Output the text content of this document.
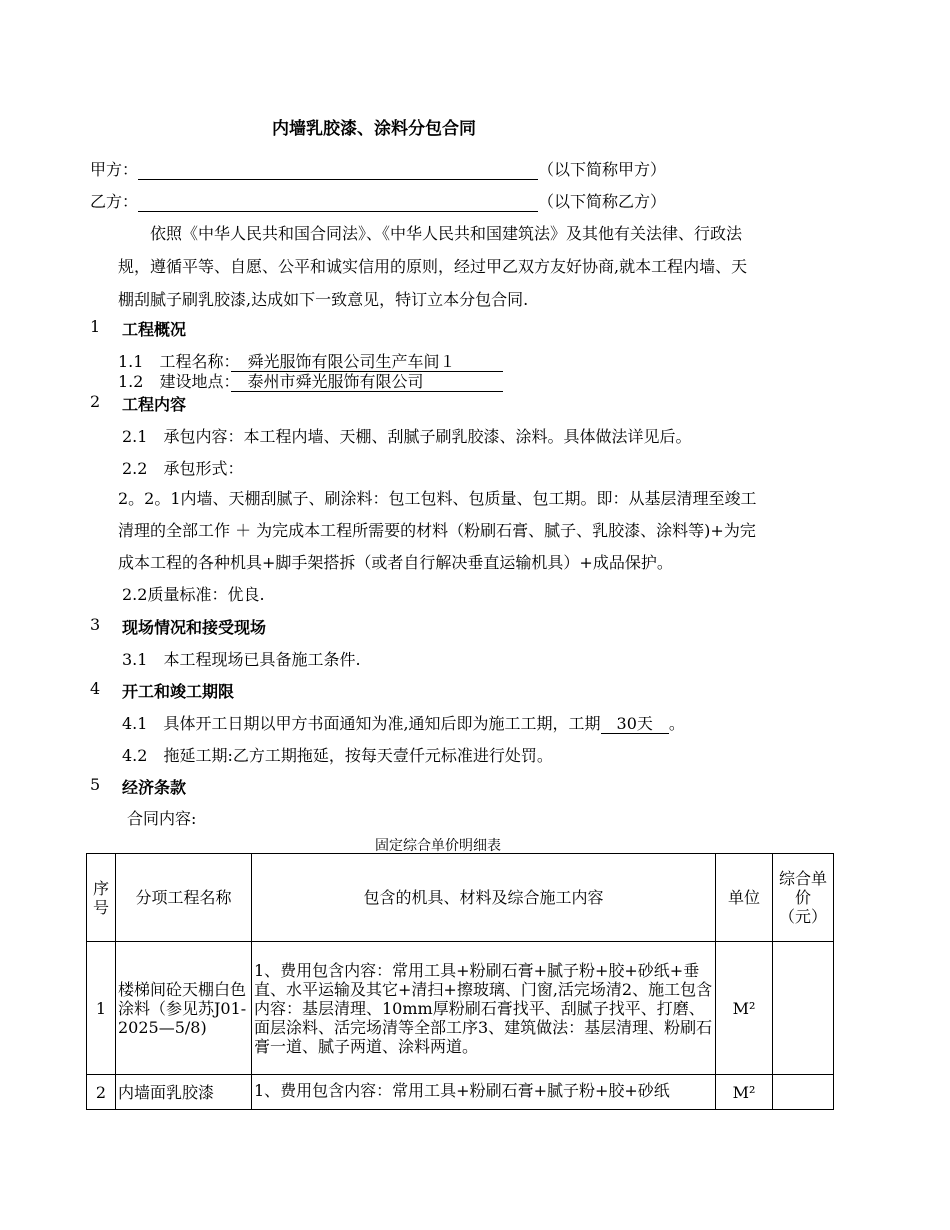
内墙乳胶漆、涂料分包合同
甲方：	（以下简称甲方）
乙方：	（以下简称乙方）
依照《中华人民共和国合同法》、《中华人民共和国建筑法》及其他有关法律、行政法
规，遵循平等、自愿、公平和诚实信用的原则，经过甲乙双方友好协商,就本工程内墙、天
棚刮腻子刷乳胶漆,达成如下一致意见，特订立本分包合同.
1 工程概况
1.1　工程名称：　舜光服饰有限公司生产车间１　　　
1.2　建设地点：　泰州市舜光服饰有限公司　　　　　
2 工程内容
2.1　承包内容：本工程内墙、天棚、刮腻子刷乳胶漆、涂料。具体做法详见后。
2.2　承包形式：
2。2。1内墙、天棚刮腻子、刷涂料：包工包料、包质量、包工期。即：从基层清理至竣工
清理的全部工作 ＋ 为完成本工程所需要的材料（粉刷石膏、腻子、乳胶漆、涂料等)+为完
成本工程的各种机具+脚手架搭拆（或者自行解决垂直运输机具）+成品保护。
2.2质量标准：优良.
3 现场情况和接受现场
3.1　本工程现场已具备施工条件.
4 开工和竣工期限
4.1　具体开工日期以甲方书面通知为准,通知后即为施工工期，工期　30天　。
4.2　拖延工期:乙方工期拖延，按每天壹仟元标准进行处罚。
5 经济条款
合同内容:
固定综合单价明细表
序号	分项工程名称	包含的机具、材料及综合施工内容	单位	综合单价（元）
1	楼梯间砼天棚白色涂料（参见苏J01-2025—5/8)	1、费用包含内容：常用工具+粉刷石膏+腻子粉+胶+砂纸+垂直、水平运输及其它+清扫+擦玻璃、门窗,活完场清2、施工包含内容：基层清理、10mm厚粉刷石膏找平、刮腻子找平、打磨、面层涂料、活完场清等全部工序3、建筑做法：基层清理、粉刷石膏一道、腻子两道、涂料两道。	M²	
2	内墙面乳胶漆	1、费用包含内容：常用工具+粉刷石膏+腻子粉+胶+砂纸	M²	
